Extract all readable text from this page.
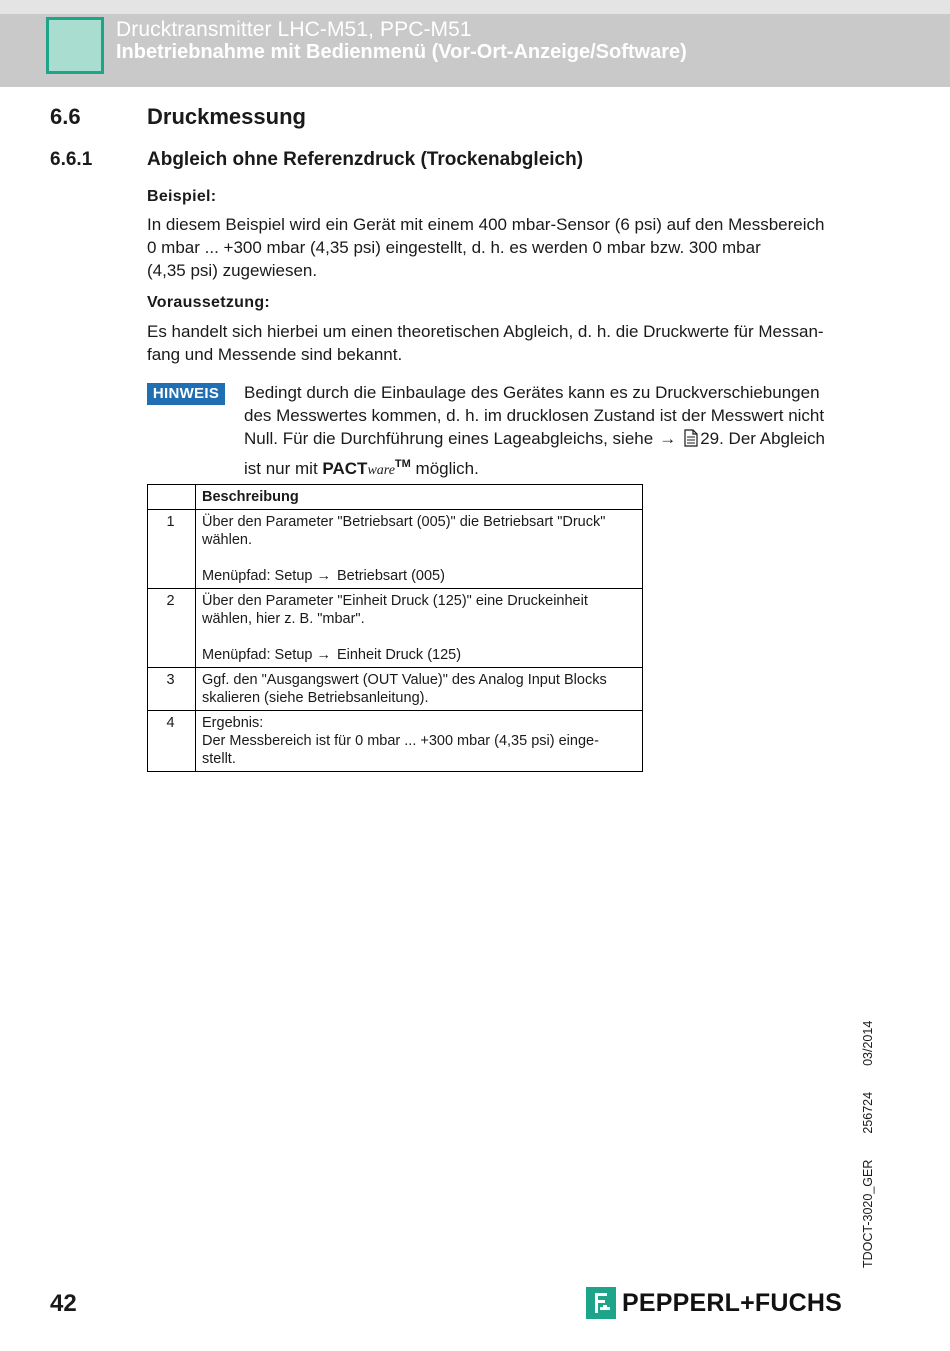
Drucktransmitter LHC-M51, PPC-M51
Inbetriebnahme mit Bedienmenü (Vor-Ort-Anzeige/Software)
6.6	Druckmessung
6.6.1	Abgleich ohne Referenzdruck (Trockenabgleich)
Beispiel:
In diesem Beispiel wird ein Gerät mit einem 400 mbar-Sensor (6 psi) auf den Messbereich
0 mbar ... +300 mbar (4,35 psi) eingestellt, d. h. es werden 0 mbar bzw. 300 mbar
(4,35 psi) zugewiesen.
Voraussetzung:
Es handelt sich hierbei um einen theoretischen Abgleich, d. h. die Druckwerte für Messan-
fang und Messende sind bekannt.
HINWEIS	Bedingt durch die Einbaulage des Gerätes kann es zu Druckverschiebungen
des Messwertes kommen, d. h. im drucklosen Zustand ist der Messwert nicht
Null. Für die Durchführung eines Lageabgleichs, siehe → 29. Der Abgleich
ist nur mit PACTware™ möglich.
	Beschreibung
1	Über den Parameter "Betriebsart (005)" die Betriebsart "Druck"
wählen.
Menüpfad: Setup → Betriebsart (005)

2	Über den Parameter "Einheit Druck (125)" eine Druckeinheit
wählen, hier z. B. "mbar".
Menüpfad: Setup → Einheit Druck (125)

3	Ggf. den "Ausgangswert (OUT Value)" des Analog Input Blocks
skalieren (siehe Betriebsanleitung).

4	Ergebnis:
Der Messbereich ist für 0 mbar ... +300 mbar (4,35 psi) einge-
stellt.
TDOCT-3020_GER25672403/2014
42	PEPPERL+FUCHS
